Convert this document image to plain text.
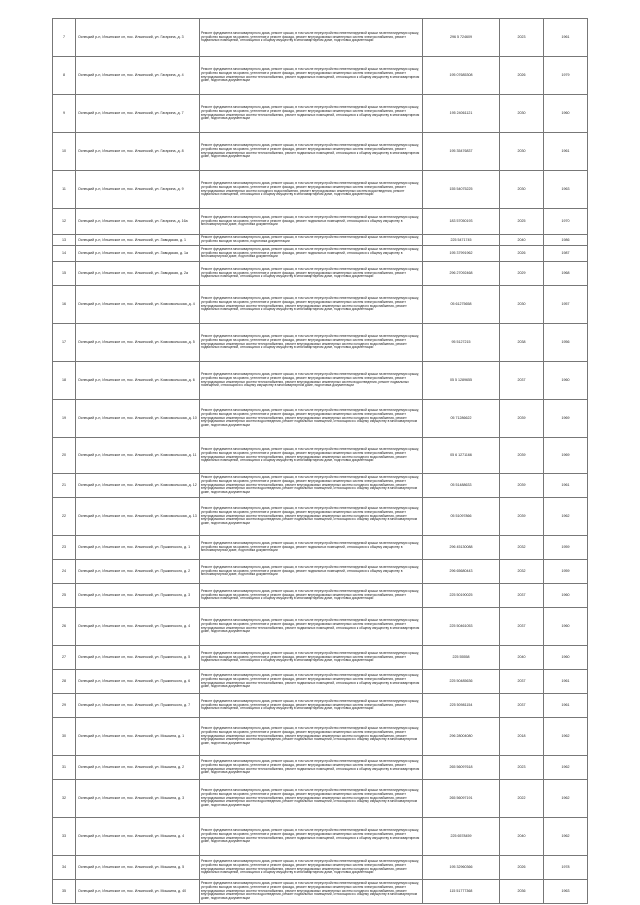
7	Оспецкий р-н, Ильинское сп, пос. Ильинский, ул. Гагарина, д. 3	Ремонт фундамента многоквартирного дома, ремонт крыши, в том числе переустройство невентилируемой крыши на вентилируемую крышу, устройство выходов на кровлю, утепление и ремонт фасада, ремонт внутридомовых инженерных систем электроснабжения, ремонт подвальных помещений, относящихся к общему имуществу в многоквартирном доме, подготовка документации	296 5 724609	2023	1961
8	Оспецкий р-н, Ильинское сп, пос. Ильинский, ул. Гагарина, д. 4	Ремонт фундамента многоквартирного дома, ремонт крыши, в том числе переустройство невентилируемой крыши на вентилируемую крышу, устройство выходов на кровлю, утепление и ремонт фасада, ремонт внутридомовых инженерных систем электроснабжения, ремонт внутридомовых инженерных систем теплоснабжения, ремонт подвальных помещений, относящихся к общему имуществу в многоквартирном доме, подготовка документации	195 07685308	2026	1979
9	Оспецкий р-н, Ильинское сп, пос. Ильинский, ул. Гагарина, д. 7	Ремонт фундамента многоквартирного дома, ремонт крыши, в том числе переустройство невентилируемой крыши на вентилируемую крышу, устройство выходов на кровлю, утепление и ремонт фасада, ремонт внутридомовых инженерных систем электроснабжения, ремонт внутридомовых инженерных систем теплоснабжения, ремонт подвальных помещений, относящихся к общему имуществу в многоквартирном доме, подготовка документации	195 24061121	2030	1960
10	Оспецкий р-н, Ильинское сп, пос. Ильинский, ул. Гагарина, д. 8	Ремонт фундамента многоквартирного дома, ремонт крыши, в том числе переустройство невентилируемой крыши на вентилируемую крышу, устройство выходов на кровлю, утепление и ремонт фасада, ремонт внутридомовых инженерных систем электроснабжения, ремонт внутридомовых инженерных систем теплоснабжения, ремонт подвальных помещений, относящихся к общему имуществу в многоквартирном доме, подготовка документации	195 35476837	2030	1961
11	Оспецкий р-н, Ильинское сп, пос. Ильинский, ул. Гагарина, д. 9	Ремонт фундамента многоквартирного дома, ремонт крыши, в том числе переустройство невентилируемой крыши на вентилируемую крышу, устройство выходов на кровлю, утепление и ремонт фасада, ремонт внутридомовых инженерных систем электроснабжения, ремонт внутридомовых инженерных систем холодного водоснабжения, ремонт внутридомовых инженерных систем водоотведения, ремонт подвальных помещений, относящихся к общему имуществу в многоквартирном доме, подготовка документации	155 54075225	2030	1963
12	Оспецкий р-н, Ильинское сп, пос. Ильинский, ул. Гагарина, д. 16а	Ремонт фундамента многоквартирного дома, ремонт крыши, в том числе переустройство невентилируемой крыши на вентилируемую крышу, устройство выходов на кровлю, утепление и ремонт фасада, ремонт подвальных помещений, относящихся к общему имуществу в многоквартирном доме, подготовка документации	183 57050193	2025	1970
13	Оспецкий р-н, Ильинское сп, пос. Ильинский, ул. Заводская, д. 1	Ремонт фундамента многоквартирного дома, ремонт крыши, в том числе переустройство невентилируемой крыши на вентилируемую крышу, устройство выходов на кровлю, подготовка документации	225 5471745	2040	1986
14	Оспецкий р-н, Ильинское сп, пос. Ильинский, ул. Заводская, д. 1а	Ремонт фундамента многоквартирного дома, ремонт крыши, в том числе переустройство невентилируемой крыши на вентилируемую крышу, устройство выходов на кровлю, утепление и ремонт фасада, ремонт подвальных помещений, относящихся к общему имуществу в многоквартирном доме, подготовка документации	195 37991962	2026	1987
15	Оспецкий р-н, Ильинское сп, пос. Ильинский, ул. Заводская, д. 2а	Ремонт фундамента многоквартирного дома, ремонт крыши, в том числе переустройство невентилируемой крыши на вентилируемую крышу, устройство выходов на кровлю, утепление и ремонт фасада, ремонт внутридомовых инженерных систем электроснабжения, ремонт подвальных помещений, относящихся к общему имуществу в многоквартирном доме, подготовка документации	296 27092468	2029	1968
16	Оспецкий р-н, Ильинское сп, пос. Ильинский, ул. Комсомольская, д. 4	Ремонт фундамента многоквартирного дома, ремонт крыши, в том числе переустройство невентилируемой крыши на вентилируемую крышу, устройство выходов на кровлю, утепление и ремонт фасада, ремонт внутридомовых инженерных систем электроснабжения, ремонт внутридомовых инженерных систем теплоснабжения, ремонт внутридомовых инженерных систем холодного водоснабжения, ремонт подвальных помещений, относящихся к общему имуществу в многоквартирном доме, подготовка документации	05 61275658	2030	1957
17	Оспецкий р-н, Ильинское сп, пос. Ильинский, ул. Комсомольская, д. 5	Ремонт фундамента многоквартирного дома, ремонт крыши, в том числе переустройство невентилируемой крыши на вентилируемую крышу, устройство выходов на кровлю, утепление и ремонт фасада, ремонт внутридомовых инженерных систем электроснабжения, ремонт внутридомовых инженерных систем теплоснабжения, ремонт внутридомовых инженерных систем холодного водоснабжения, ремонт подвальных помещений, относящихся к общему имуществу в многоквартирном доме, подготовка документации	95 5127215	2038	1956
18	Оспецкий р-н, Ильинское сп, пос. Ильинский, ул. Комсомольская, д. 6	Ремонт фундамента многоквартирного дома, ремонт крыши, в том числе переустройство невентилируемой крыши на вентилируемую крышу, устройство выходов на кровлю, утепление и ремонт фасада, ремонт внутридомовых инженерных систем электроснабжения, ремонт внутридомовых инженерных систем теплоснабжения, ремонт внутридомовых инженерных систем водоотведения, ремонт подвальных помещений, относящихся к общему имуществу в многоквартирном доме, подготовка документации	05 5 1289655	2037	1960
19	Оспецкий р-н, Ильинское сп, пос. Ильинский, ул. Комсомольская, д. 10	Ремонт фундамента многоквартирного дома, ремонт крыши, в том числе переустройство невентилируемой крыши на вентилируемую крышу, устройство выходов на кровлю, утепление и ремонт фасада, ремонт внутридомовых инженерных систем электроснабжения, ремонт внутридомовых инженерных систем теплоснабжения, ремонт внутридомовых инженерных систем холодного водоснабжения, ремонт внутридомовых инженерных систем водоотведения, ремонт подвальных помещений, относящихся к общему имуществу в многоквартирном доме, подготовка документации	05 71286622	2039	1969
20	Оспецкий р-н, Ильинское сп, пос. Ильинский, ул. Комсомольская, д. 11	Ремонт фундамента многоквартирного дома, ремонт крыши, в том числе переустройство невентилируемой крыши на вентилируемую крышу, устройство выходов на кровлю, утепление и ремонт фасада, ремонт внутридомовых инженерных систем электроснабжения, ремонт внутридомовых инженерных систем теплоснабжения, ремонт внутридомовых инженерных систем холодного водоснабжения, ремонт подвальных помещений, относящихся к общему имуществу в многоквартирном доме, подготовка документации	05 6 1271166	2039	1969
21	Оспецкий р-н, Ильинское сп, пос. Ильинский, ул. Комсомольская, д. 12	Ремонт фундамента многоквартирного дома, ремонт крыши, в том числе переустройство невентилируемой крыши на вентилируемую крышу, устройство выходов на кровлю, утепление и ремонт фасада, ремонт внутридомовых инженерных систем электроснабжения, ремонт внутридомовых инженерных систем теплоснабжения, ремонт внутридомовых инженерных систем холодного водоснабжения, ремонт внутридомовых инженерных систем водоотведения, ремонт подвальных помещений, относящихся к общему имуществу в многоквартирном доме, подготовка документации	05 51488633	2039	1961
22	Оспецкий р-н, Ильинское сп, пос. Ильинский, ул. Комсомольская, д. 13	Ремонт фундамента многоквартирного дома, ремонт крыши, в том числе переустройство невентилируемой крыши на вентилируемую крышу, устройство выходов на кровлю, утепление и ремонт фасада, ремонт внутридомовых инженерных систем электроснабжения, ремонт внутридомовых инженерных систем теплоснабжения, ремонт внутридомовых инженерных систем холодного водоснабжения, ремонт внутридомовых инженерных систем водоотведения, ремонт подвальных помещений, относящихся к общему имуществу в многоквартирном доме, подготовка документации	05 51097866	2039	1962
23	Оспецкий р-н, Ильинское сп, пос. Ильинский, ул. Пушкинского, д. 1	Ремонт фундамента многоквартирного дома, ремонт крыши, в том числе переустройство невентилируемой крыши на вентилируемую крышу, устройство выходов на кровлю, утепление и ремонт фасада, ремонт подвальных помещений, относящихся к общему имуществу в многоквартирном доме, подготовка документации	296 45130088	2032	1959
24	Оспецкий р-н, Ильинское сп, пос. Ильинский, ул. Пушкинского, д. 2	Ремонт фундамента многоквартирного дома, ремонт крыши, в том числе переустройство невентилируемой крыши на вентилируемую крышу, устройство выходов на кровлю, утепление и ремонт фасада, ремонт подвальных помещений, относящихся к общему имуществу в многоквартирном доме, подготовка документации	296 65680443	2032	1959
25	Оспецкий р-н, Ильинское сп, пос. Ильинский, ул. Пушкинского, д. 3	Ремонт фундамента многоквартирного дома, ремонт крыши, в том числе переустройство невентилируемой крыши на вентилируемую крышу, устройство выходов на кровлю, утепление и ремонт фасада, ремонт внутридомовых инженерных систем электроснабжения, ремонт подвальных помещений, относящихся к общему имуществу в многоквартирном доме, подготовка документации	225 50190025	2037	1960
26	Оспецкий р-н, Ильинское сп, пос. Ильинский, ул. Пушкинского, д. 4	Ремонт фундамента многоквартирного дома, ремонт крыши, в том числе переустройство невентилируемой крыши на вентилируемую крышу, устройство выходов на кровлю, утепление и ремонт фасада, ремонт внутридомовых инженерных систем электроснабжения, ремонт внутридомовых инженерных систем теплоснабжения, ремонт подвальных помещений, относящихся к общему имуществу в многоквартирном доме, подготовка документации	225 50461053	2037	1960
27	Оспецкий р-н, Ильинское сп, пос. Ильинский, ул. Пушкинского, д. 5	Ремонт фундамента многоквартирного дома, ремонт крыши, в том числе переустройство невентилируемой крыши на вентилируемую крышу, устройство выходов на кровлю, утепление и ремонт фасада, ремонт внутридомовых инженерных систем электроснабжения, ремонт подвальных помещений, относящихся к общему имуществу в многоквартирном доме, подготовка документации	225 55558	2040	1960
28	Оспецкий р-н, Ильинское сп, пос. Ильинский, ул. Пушкинского, д. 6	Ремонт фундамента многоквартирного дома, ремонт крыши, в том числе переустройство невентилируемой крыши на вентилируемую крышу, устройство выходов на кровлю, утепление и ремонт фасада, ремонт внутридомовых инженерных систем электроснабжения, ремонт внутридомовых инженерных систем теплоснабжения, ремонт подвальных помещений, относящихся к общему имуществу в многоквартирном доме, подготовка документации	225 50485636	2037	1961
29	Оспецкий р-н, Ильинское сп, пос. Ильинский, ул. Пушкинского, д. 7	Ремонт фундамента многоквартирного дома, ремонт крыши, в том числе переустройство невентилируемой крыши на вентилируемую крышу, устройство выходов на кровлю, утепление и ремонт фасада, ремонт внутридомовых инженерных систем электроснабжения, ремонт подвальных помещений, относящихся к общему имуществу в многоквартирном доме, подготовка документации	225 50981154	2037	1961
30	Оспецкий р-н, Ильинское сп, пос. Ильинский, ул. Мошкина, д. 1	Ремонт фундамента многоквартирного дома, ремонт крыши, в том числе переустройство невентилируемой крыши на вентилируемую крышу, устройство выходов на кровлю, утепление и ремонт фасада, ремонт внутридомовых инженерных систем электроснабжения, ремонт внутридомовых инженерных систем теплоснабжения, ремонт внутридомовых инженерных систем холодного водоснабжения, ремонт внутридомовых инженерных систем водоотведения, ремонт подвальных помещений, относящихся к общему имуществу в многоквартирном доме, подготовка документации	296 28004080	2018	1962
31	Оспецкий р-н, Ильинское сп, пос. Ильинский, ул. Мошкина, д. 2	Ремонт фундамента многоквартирного дома, ремонт крыши, в том числе переустройство невентилируемой крыши на вентилируемую крышу, устройство выходов на кровлю, утепление и ремонт фасада, ремонт внутридомовых инженерных систем электроснабжения, ремонт внутридомовых инженерных систем теплоснабжения, ремонт подвальных помещений, относящихся к общему имуществу в многоквартирном доме, подготовка документации	265 56097618	2023	1962
32	Оспецкий р-н, Ильинское сп, пос. Ильинский, ул. Мошкина, д. 3	Ремонт фундамента многоквартирного дома, ремонт крыши, в том числе переустройство невентилируемой крыши на вентилируемую крышу, устройство выходов на кровлю, утепление и ремонт фасада, ремонт внутридомовых инженерных систем электроснабжения, ремонт внутридомовых инженерных систем теплоснабжения, ремонт внутридомовых инженерных систем холодного водоснабжения, ремонт внутридомовых инженерных систем водоотведения, ремонт подвальных помещений, относящихся к общему имуществу в многоквартирном доме, подготовка документации	265 56097191	2022	1962
33	Оспецкий р-н, Ильинское сп, пос. Ильинский, ул. Мошкина, д. 4	Ремонт фундамента многоквартирного дома, ремонт крыши, в том числе переустройство невентилируемой крыши на вентилируемую крышу, устройство выходов на кровлю, утепление и ремонт фасада, ремонт внутридомовых инженерных систем электроснабжения, ремонт внутридомовых инженерных систем теплоснабжения, ремонт подвальных помещений, относящихся к общему имуществу в многоквартирном доме, подготовка документации	225 6578459	2040	1962
34	Оспецкий р-н, Ильинское сп, пос. Ильинский, ул. Мошкина, д. 5	Ремонт фундамента многоквартирного дома, ремонт крыши, в том числе переустройство невентилируемой крыши на вентилируемую крышу, устройство выходов на кровлю, утепление и ремонт фасада, ремонт внутридомовых инженерных систем электроснабжения, ремонт внутридомовых инженерных систем теплоснабжения, ремонт внутридомовых инженерных систем холодного водоснабжения, ремонт подвальных помещений, относящихся к общему имуществу в многоквартирном доме, подготовка документации	195 32960366	2026	1978
35	Оспецкий р-н, Ильинское сп, пос. Ильинский, ул. Мошкина, д. 40	Ремонт фундамента многоквартирного дома, ремонт крыши, в том числе переустройство невентилируемой крыши на вентилируемую крышу, устройство выходов на кровлю, утепление и ремонт фасада, ремонт внутридомовых инженерных систем электроснабжения, ремонт внутридомовых инженерных систем теплоснабжения, ремонт внутридомовых инженерных систем холодного водоснабжения, ремонт внутридомовых инженерных систем водоотведения, ремонт подвальных помещений, относящихся к общему имуществу в многоквартирном доме, подготовка документации	115 51777368	2036	1963
